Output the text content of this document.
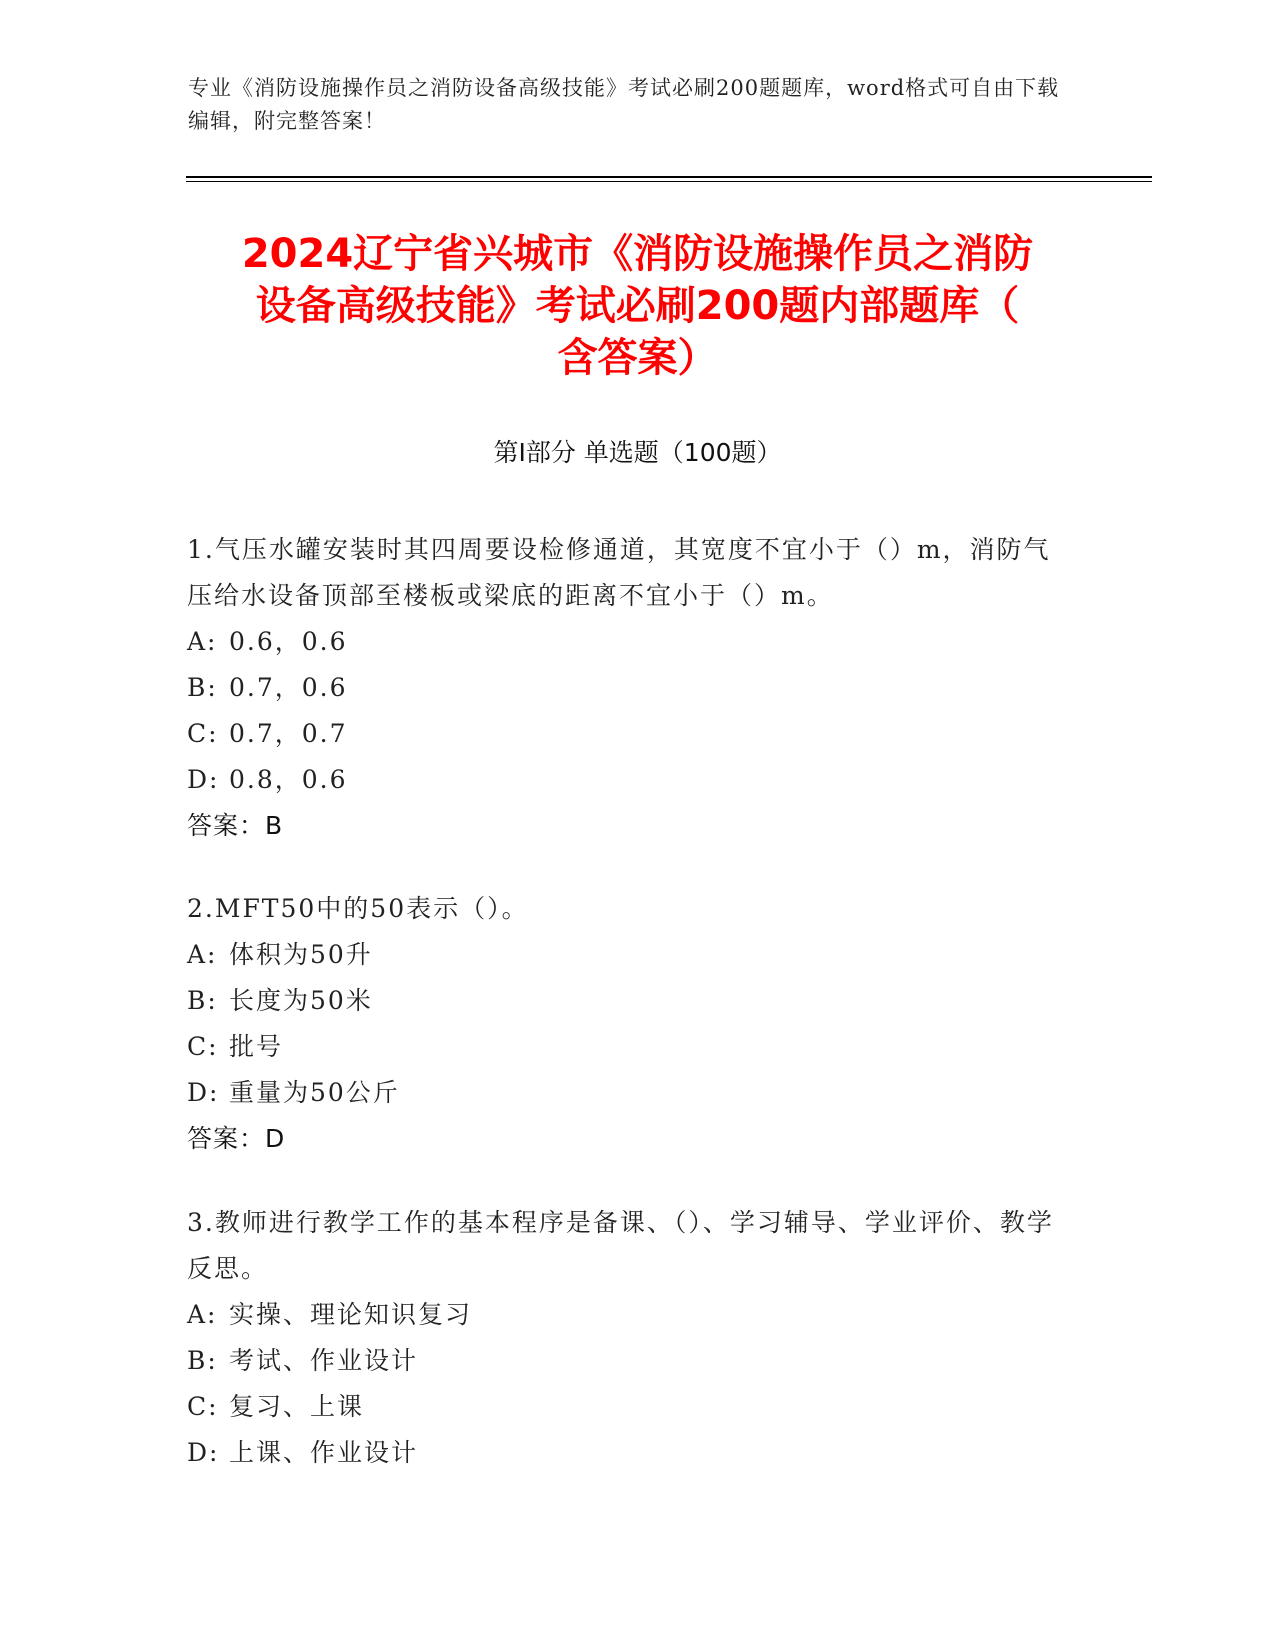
专业《消防设施操作员之消防设备高级技能》考试必刷200题题库，word格式可自由下载编辑，附完整答案！
2024辽宁省兴城市《消防设施操作员之消防
设备高级技能》考试必刷200题内部题库（
含答案）
第I部分 单选题（100题）
1.气压水罐安装时其四周要设检修通道，其宽度不宜小于（）m，消防气压给水设备顶部至楼板或梁底的距离不宜小于（）m。
A: 0.6，0.6
B: 0.7，0.6
C: 0.7，0.7
D: 0.8，0.6
答案：B
2.MFT50中的50表示（）。
A: 体积为50升
B: 长度为50米
C: 批号
D: 重量为50公斤
答案：D
3.教师进行教学工作的基本程序是备课、（）、学习辅导、学业评价、教学反思。
A: 实操、理论知识复习
B: 考试、作业设计
C: 复习、上课
D: 上课、作业设计
